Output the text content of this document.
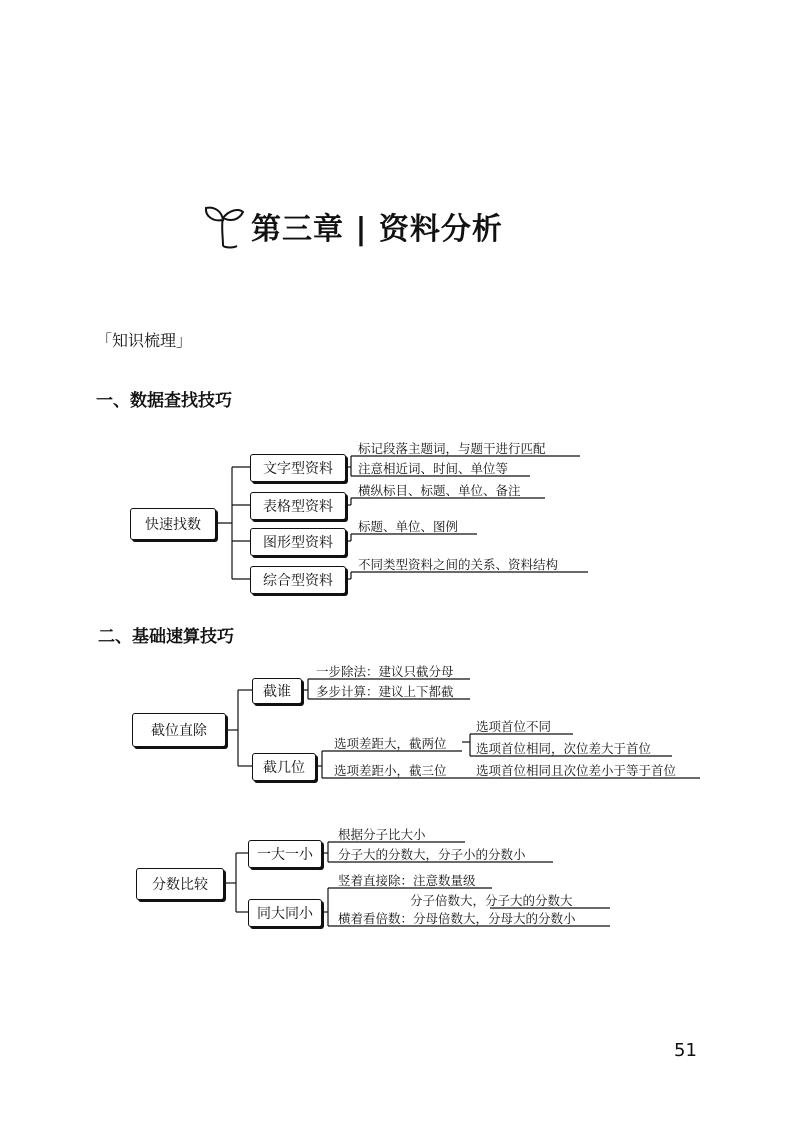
第三章 | 资料分析
「知识梳理」
一、数据查找技巧
快速找数
文字型资料
表格型资料
图形型资料
综合型资料
标记段落主题词，与题干进行匹配
注意相近词、时间、单位等
横纵标目、标题、单位、备注
标题、单位、图例
不同类型资料之间的关系、资料结构
二、基础速算技巧
截位直除
截谁
截几位
一步除法：建议只截分母
多步计算：建议上下都截
选项差距大，截两位
选项差距小，截三位
选项首位不同
选项首位相同，次位差大于首位
选项首位相同且次位差小于等于首位
分数比较
一大一小
同大同小
根据分子比大小
分子大的分数大，分子小的分数小
竖着直接除：注意数量级
分子倍数大，分子大的分数大
横着看倍数：分母倍数大，分母大的分数小
51
